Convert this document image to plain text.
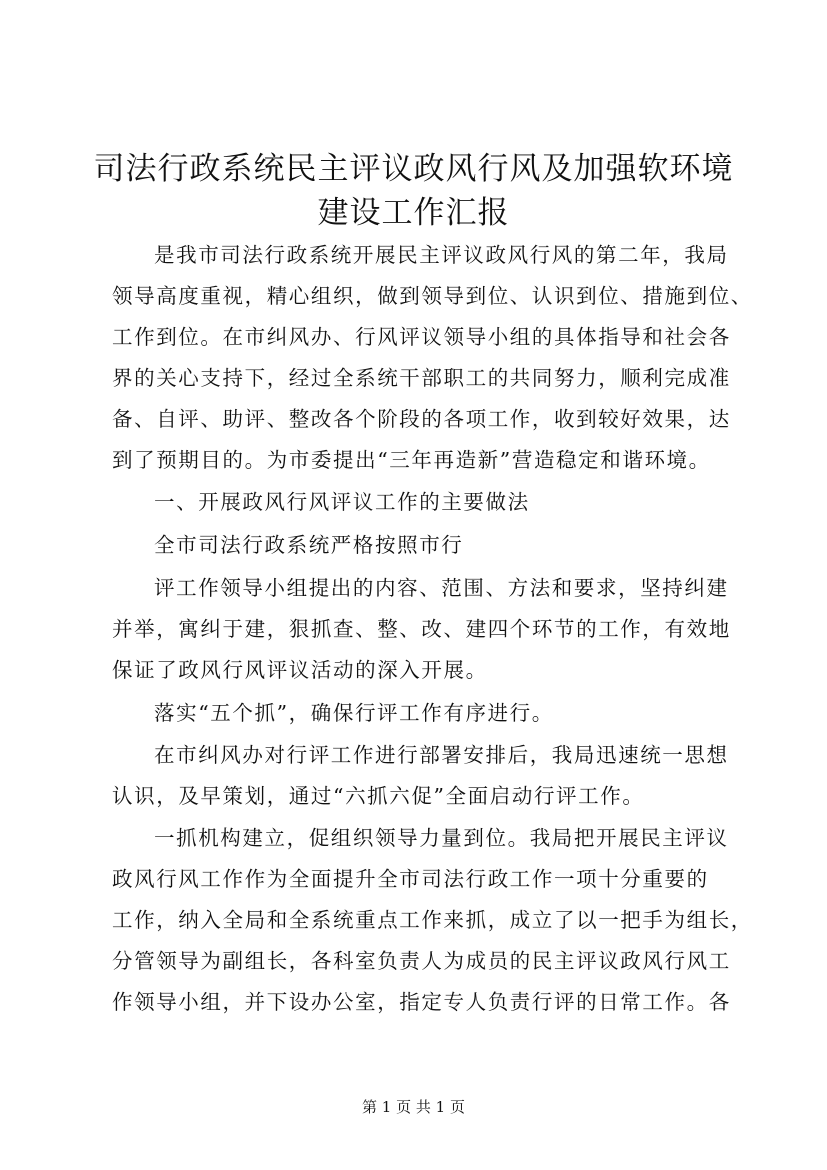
司法行政系统民主评议政风行风及加强软环境
建设工作汇报
是我市司法行政系统开展民主评议政风行风的第二年，我局
领导高度重视，精心组织，做到领导到位、认识到位、措施到位、
工作到位。在市纠风办、行风评议领导小组的具体指导和社会各
界的关心支持下，经过全系统干部职工的共同努力，顺利完成准
备、自评、助评、整改各个阶段的各项工作，收到较好效果，达
到了预期目的。为市委提出“三年再造新”营造稳定和谐环境。
一、开展政风行风评议工作的主要做法
全市司法行政系统严格按照市行
评工作领导小组提出的内容、范围、方法和要求，坚持纠建
并举，寓纠于建，狠抓查、整、改、建四个环节的工作，有效地
保证了政风行风评议活动的深入开展。
落实“五个抓”，确保行评工作有序进行。
在市纠风办对行评工作进行部署安排后，我局迅速统一思想
认识，及早策划，通过“六抓六促”全面启动行评工作。
一抓机构建立，促组织领导力量到位。我局把开展民主评议
政风行风工作作为全面提升全市司法行政工作一项十分重要的
工作，纳入全局和全系统重点工作来抓，成立了以一把手为组长，
分管领导为副组长，各科室负责人为成员的民主评议政风行风工
作领导小组，并下设办公室，指定专人负责行评的日常工作。各
第 1 页 共 1 页
